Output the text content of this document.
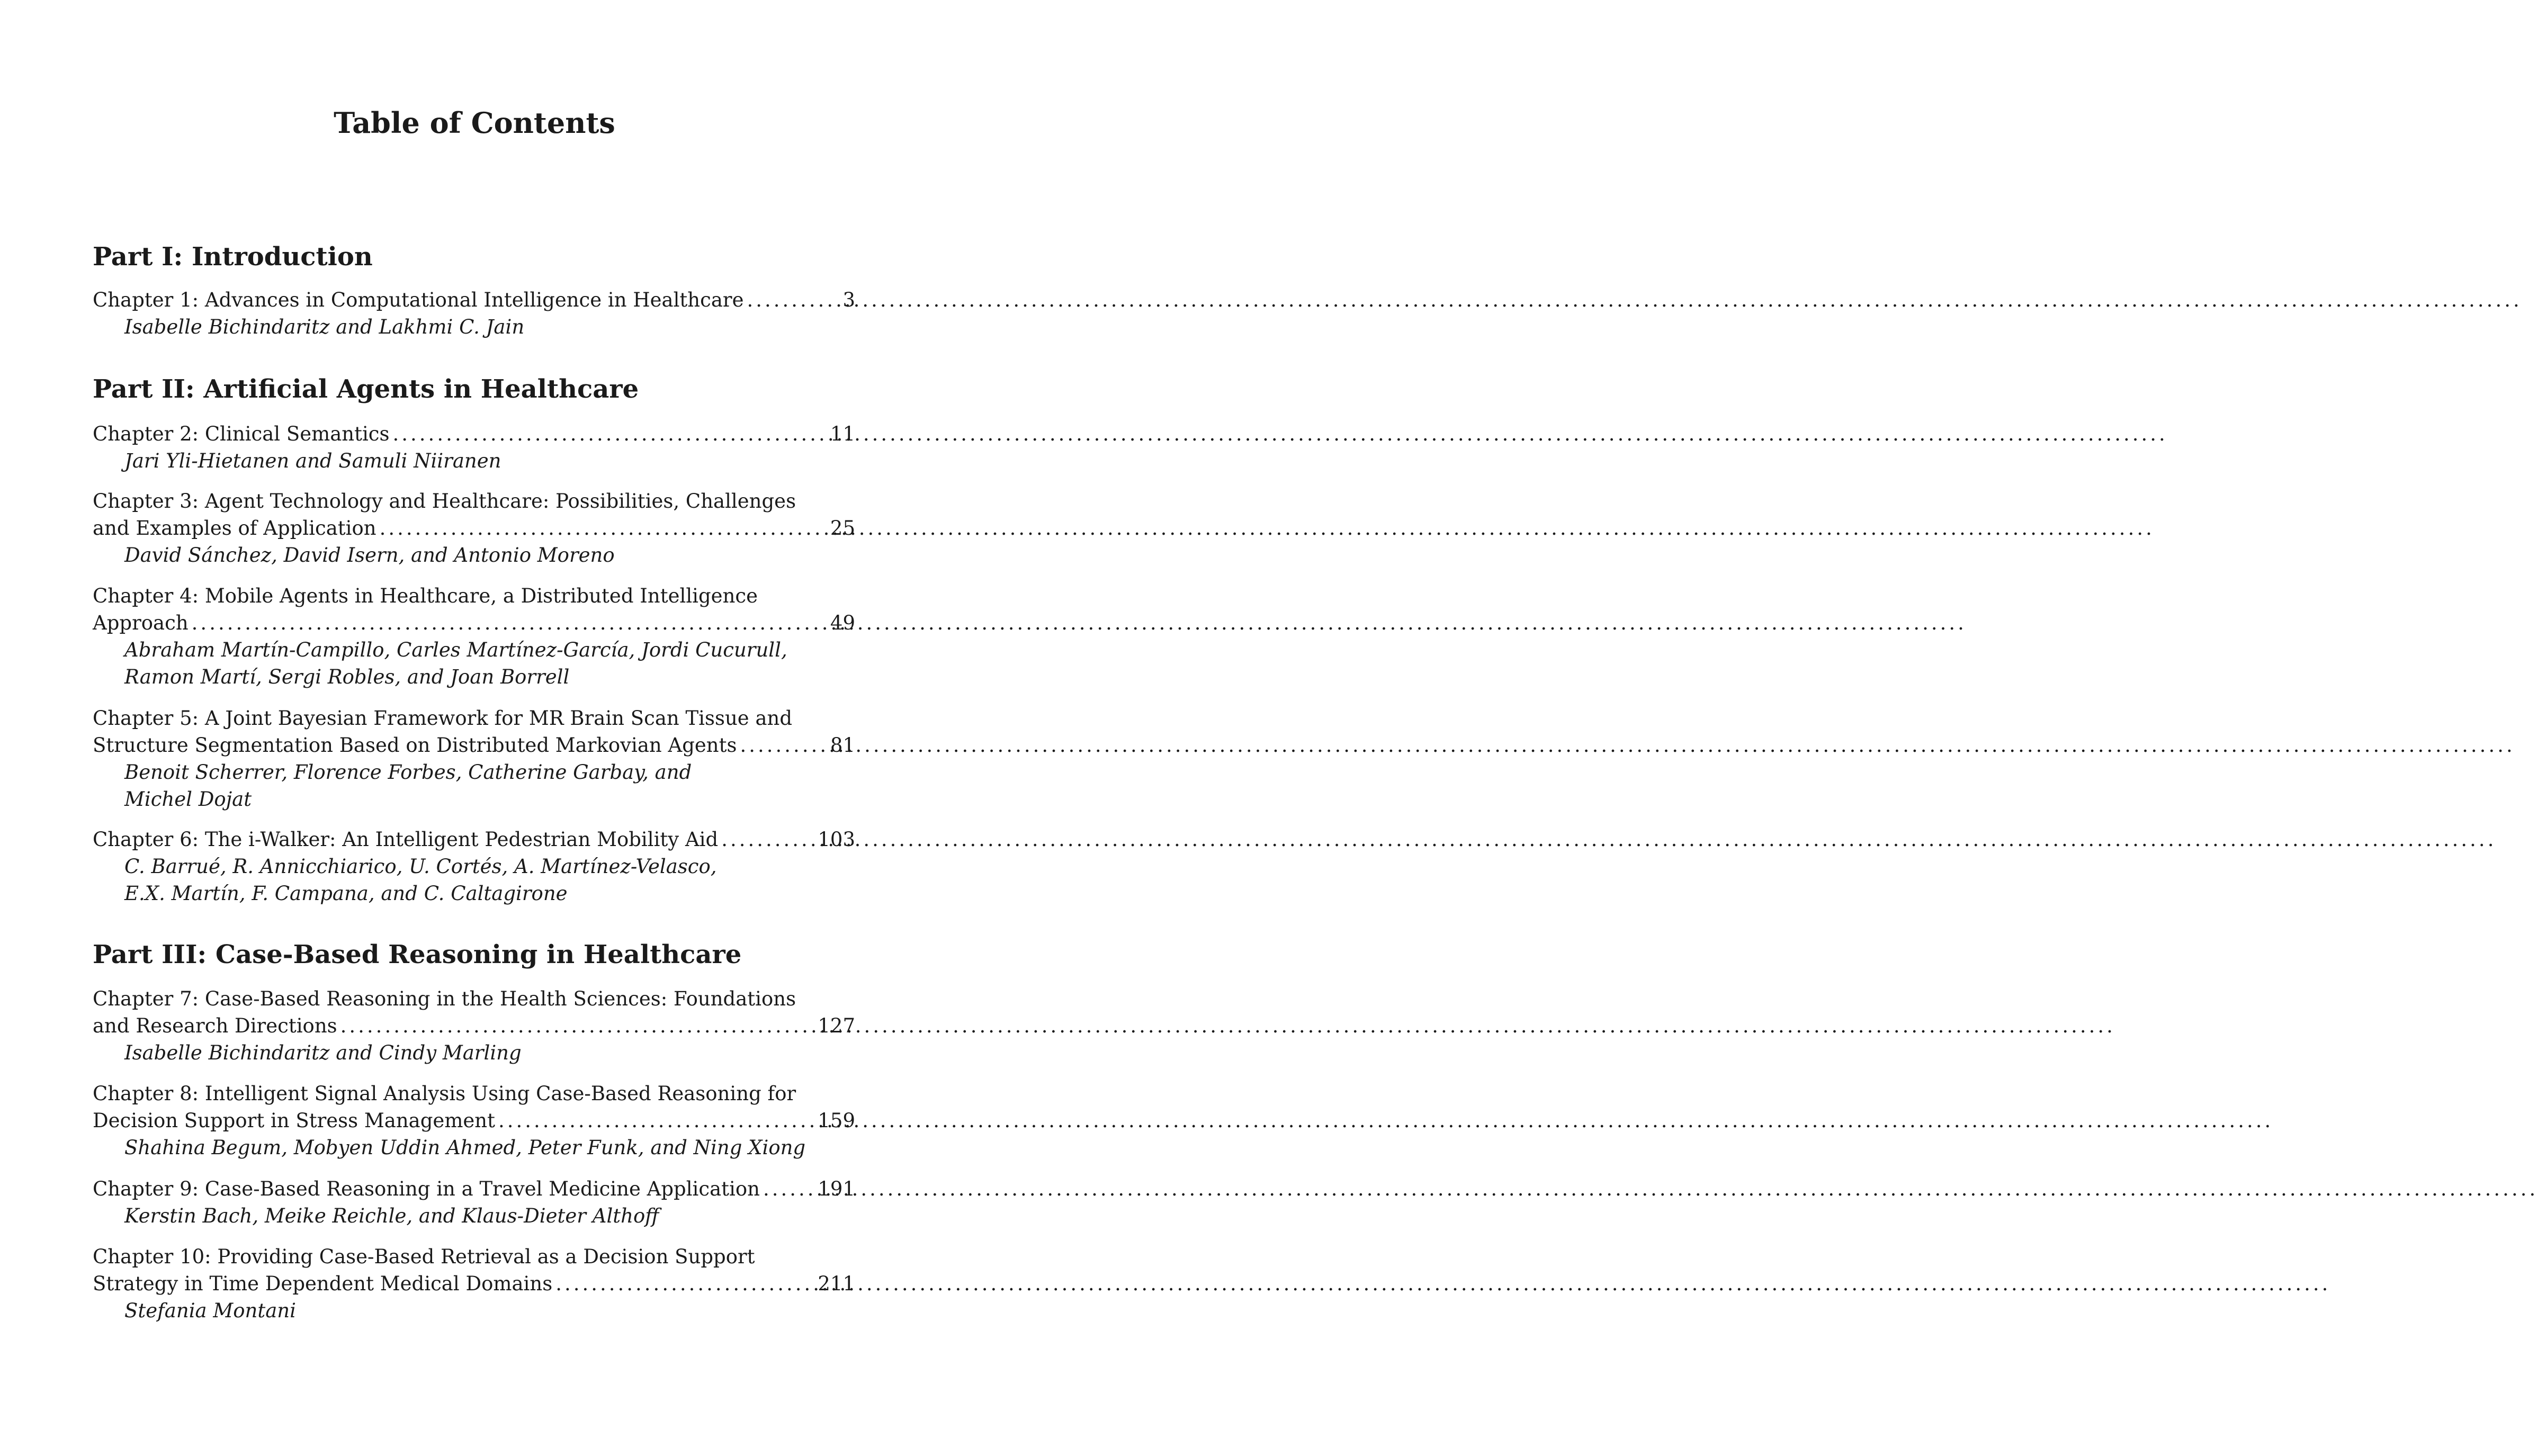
Table of Contents
Part I: Introduction
Chapter 1: Advances in Computational Intelligence in Healthcare .....	3
Isabelle Bichindaritz and Lakhmi C. Jain
Part II: Artificial Agents in Healthcare
Chapter 2: Clinical Semantics .....	11
Jari Yli-Hietanen and Samuli Niiranen
Chapter 3: Agent Technology and Healthcare: Possibilities, Challenges
and Examples of Application .....	25
David Sánchez, David Isern, and Antonio Moreno
Chapter 4: Mobile Agents in Healthcare, a Distributed Intelligence
Approach .....	49
Abraham Martín-Campillo, Carles Martínez-García, Jordi Cucurull,
Ramon Martí, Sergi Robles, and Joan Borrell
Chapter 5: A Joint Bayesian Framework for MR Brain Scan Tissue and
Structure Segmentation Based on Distributed Markovian Agents .....	81
Benoit Scherrer, Florence Forbes, Catherine Garbay, and
Michel Dojat
Chapter 6: The i-Walker: An Intelligent Pedestrian Mobility Aid .....	103
C. Barrué, R. Annicchiarico, U. Cortés, A. Martínez-Velasco,
E.X. Martín, F. Campana, and C. Caltagirone
Part III: Case-Based Reasoning in Healthcare
Chapter 7: Case-Based Reasoning in the Health Sciences: Foundations
and Research Directions .....	127
Isabelle Bichindaritz and Cindy Marling
Chapter 8: Intelligent Signal Analysis Using Case-Based Reasoning for
Decision Support in Stress Management .....	159
Shahina Begum, Mobyen Uddin Ahmed, Peter Funk, and Ning Xiong
Chapter 9: Case-Based Reasoning in a Travel Medicine Application .....	191
Kerstin Bach, Meike Reichle, and Klaus-Dieter Althoff
Chapter 10: Providing Case-Based Retrieval as a Decision Support
Strategy in Time Dependent Medical Domains .....	211
Stefania Montani
